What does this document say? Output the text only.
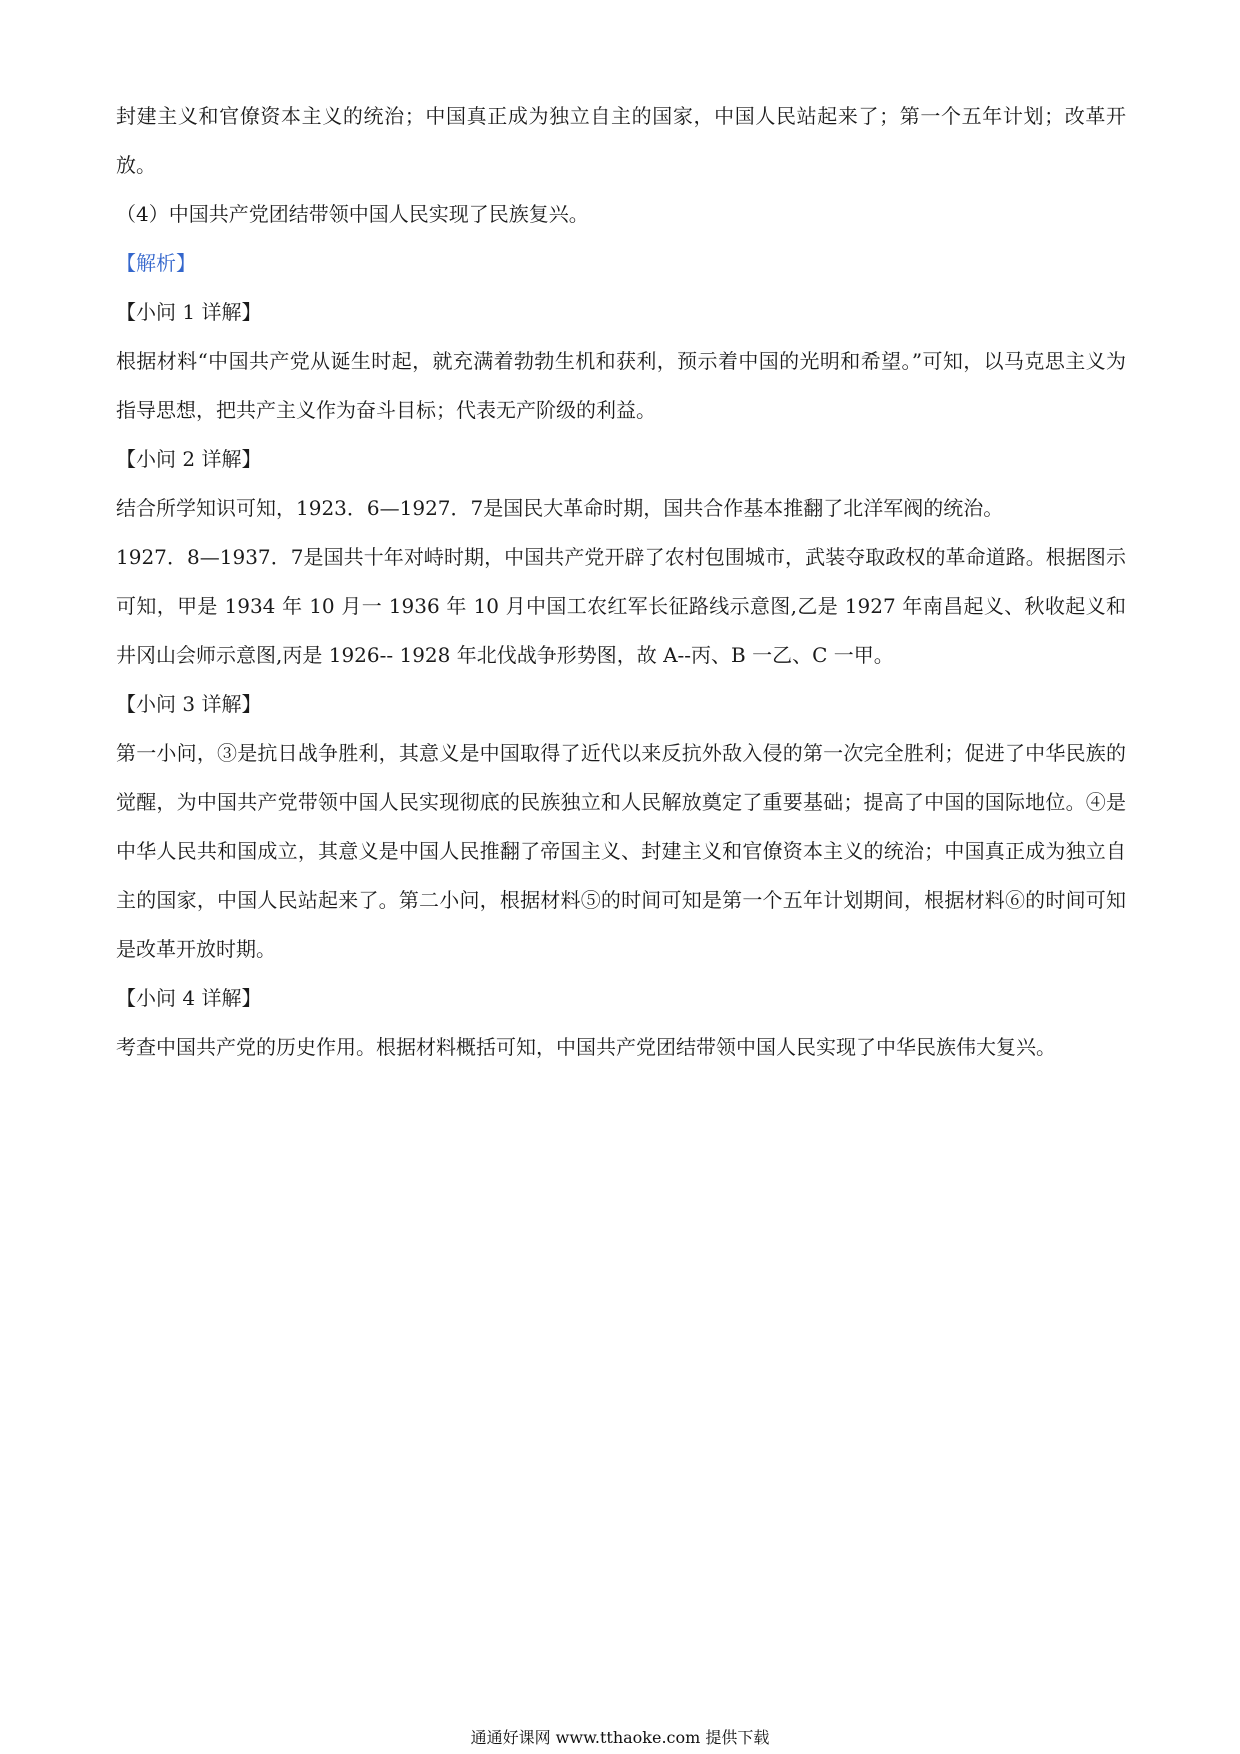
封建主义和官僚资本主义的统治；中国真正成为独立自主的国家，中国人民站起来了；第一个五年计划；改革开放。

（4）中国共产党团结带领中国人民实现了民族复兴。

【解析】

【小问 1 详解】

根据材料“中国共产党从诞生时起，就充满着勃勃生机和获利，预示着中国的光明和希望。”可知，以马克思主义为指导思想，把共产主义作为奋斗目标；代表无产阶级的利益。

【小问 2 详解】

结合所学知识可知，1923．6—1927．7是国民大革命时期，国共合作基本推翻了北洋军阀的统治。

1927．8—1937．7是国共十年对峙时期，中国共产党开辟了农村包围城市，武装夺取政权的革命道路。根据图示可知，甲是 1934 年 10 月一 1936 年 10 月中国工农红军长征路线示意图,乙是 1927 年南昌起义、秋收起义和井冈山会师示意图,丙是 1926-- 1928 年北伐战争形势图，故 A--丙、B 一乙、C 一甲。

【小问 3 详解】

第一小问，③是抗日战争胜利，其意义是中国取得了近代以来反抗外敌入侵的第一次完全胜利；促进了中华民族的觉醒，为中国共产党带领中国人民实现彻底的民族独立和人民解放奠定了重要基础；提高了中国的国际地位。④是中华人民共和国成立，其意义是中国人民推翻了帝国主义、封建主义和官僚资本主义的统治；中国真正成为独立自主的国家，中国人民站起来了。第二小问，根据材料⑤的时间可知是第一个五年计划期间，根据材料⑥的时间可知是改革开放时期。

【小问 4 详解】

考查中国共产党的历史作用。根据材料概括可知，中国共产党团结带领中国人民实现了中华民族伟大复兴。

通通好课网 www.tthaoke.com 提供下载
